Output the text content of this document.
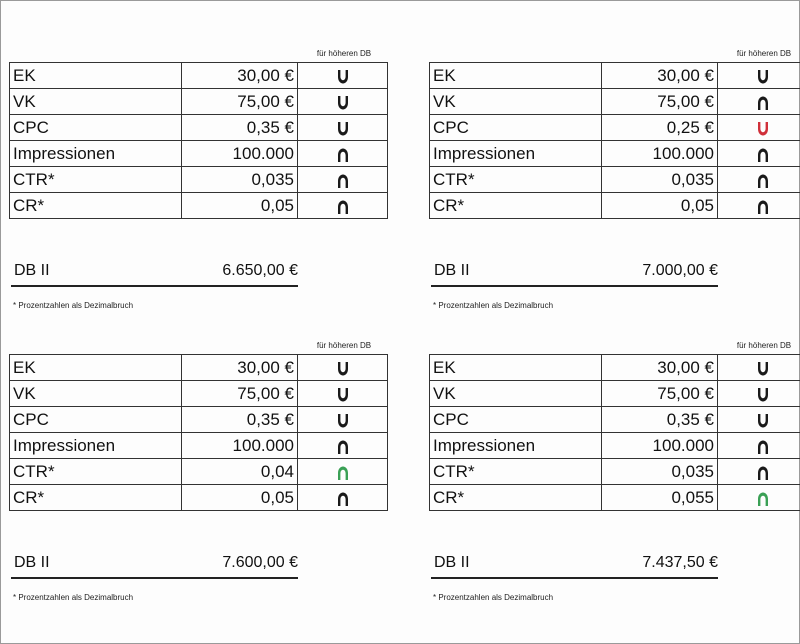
für höheren DB
EK	30,00 €	

VK	75,00 €	

CPC	0,35 €	

Impressionen	100.000	

CTR*	0,035	

CR*	0,05	
DB II	6.650,00 €
* Prozentzahlen als Dezimalbruch
für höheren DB
EK	30,00 €	

VK	75,00 €	

CPC	0,25 €	

Impressionen	100.000	

CTR*	0,035	

CR*	0,05	
DB II	7.000,00 €
* Prozentzahlen als Dezimalbruch
für höheren DB
EK	30,00 €	

VK	75,00 €	

CPC	0,35 €	

Impressionen	100.000	

CTR*	0,04	

CR*	0,05	
DB II	7.600,00 €
* Prozentzahlen als Dezimalbruch
für höheren DB
EK	30,00 €	

VK	75,00 €	

CPC	0,35 €	

Impressionen	100.000	

CTR*	0,035	

CR*	0,055	
DB II	7.437,50 €
* Prozentzahlen als Dezimalbruch
